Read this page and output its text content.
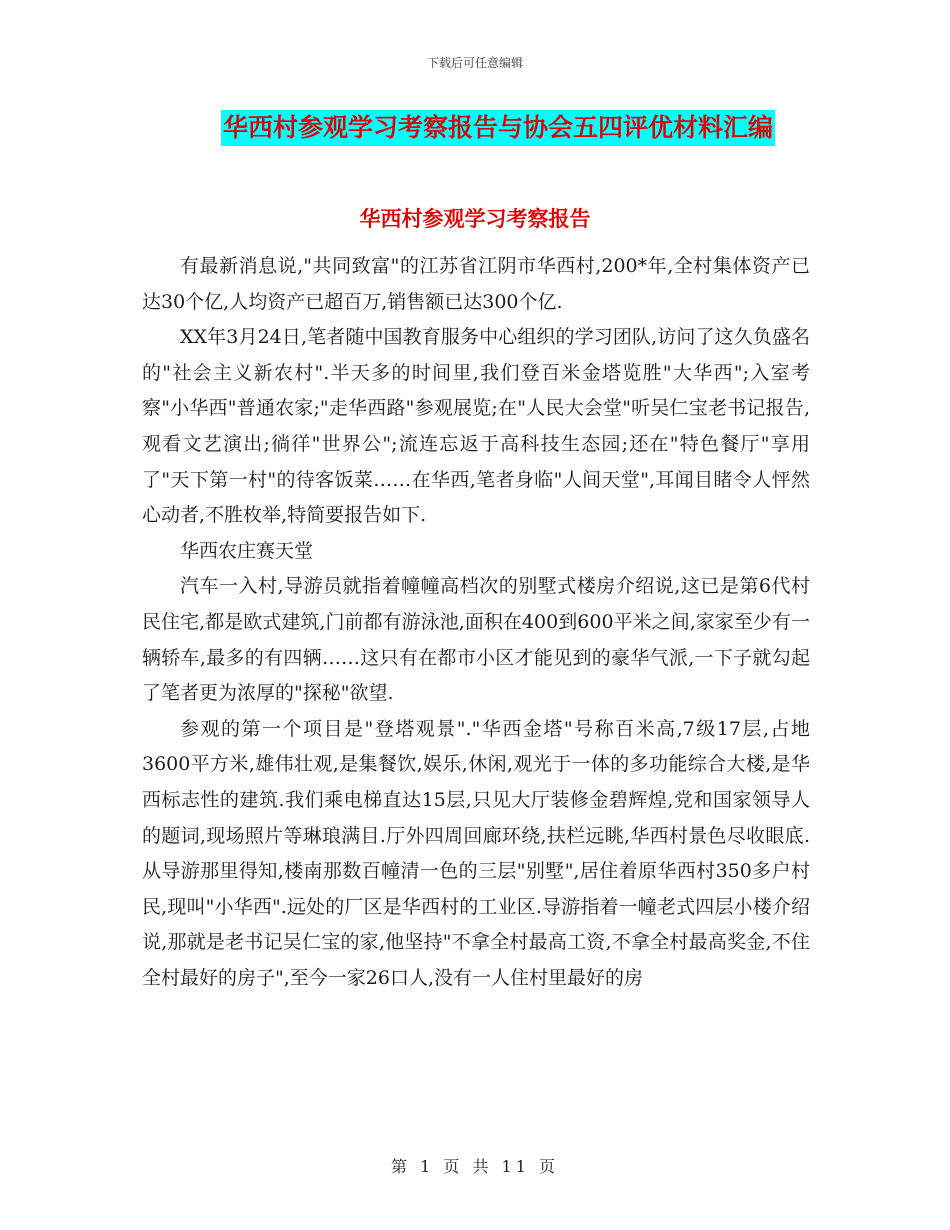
下载后可任意编辑
华西村参观学习考察报告与协会五四评优材料汇编
华西村参观学习考察报告

有最新消息说,"共同致富"的江苏省江阴市华西村,200*年,全村集体资产已达30个亿,人均资产已超百万,销售额已达300个亿.

XX年3月24日,笔者随中国教育服务中心组织的学习团队,访问了这久负盛名的"社会主义新农村".半天多的时间里,我们登百米金塔览胜"大华西";入室考察"小华西"普通农家;"走华西路"参观展览;在"人民大会堂"听吴仁宝老书记报告,观看文艺演出;徜徉"世界公";流连忘返于高科技生态园;还在"特色餐厅"享用了"天下第一村"的待客饭菜……在华西,笔者身临"人间天堂",耳闻目睹令人怦然心动者,不胜枚举,特简要报告如下.

华西农庄赛天堂

汽车一入村,导游员就指着幢幢高档次的别墅式楼房介绍说,这已是第6代村民住宅,都是欧式建筑,门前都有游泳池,面积在400到600平米之间,家家至少有一辆轿车,最多的有四辆……这只有在都市小区才能见到的豪华气派,一下子就勾起了笔者更为浓厚的"探秘"欲望.

参观的第一个项目是"登塔观景"."华西金塔"号称百米高,7级17层,占地3600平方米,雄伟壮观,是集餐饮,娱乐,休闲,观光于一体的多功能综合大楼,是华西标志性的建筑.我们乘电梯直达15层,只见大厅装修金碧辉煌,党和国家领导人的题词,现场照片等琳琅满目.厅外四周回廊环绕,扶栏远眺,华西村景色尽收眼底.从导游那里得知,楼南那数百幢清一色的三层"别墅",居住着原华西村350多户村民,现叫"小华西".远处的厂区是华西村的工业区.导游指着一幢老式四层小楼介绍说,那就是老书记吴仁宝的家,他坚持"不拿全村最高工资,不拿全村最高奖金,不住全村最好的房子",至今一家26口人,没有一人住村里最好的房

第 1 页 共 11 页
